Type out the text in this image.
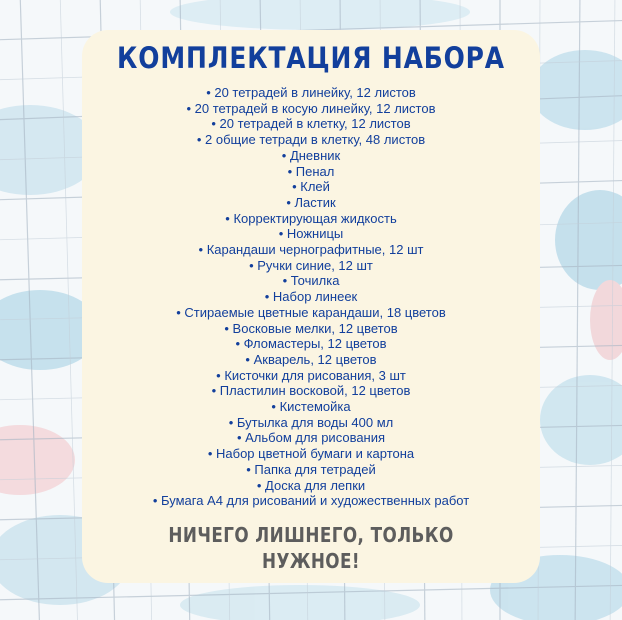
КОМПЛЕКТАЦИЯ НАБОРА
• 20 тетрадей в линейку, 12 листов
• 20 тетрадей в косую линейку, 12 листов
• 20 тетрадей в клетку, 12 листов
• 2 общие тетради в клетку, 48 листов
• Дневник
• Пенал
• Клей
• Ластик
• Корректирующая жидкость
• Ножницы
• Карандаши чернографитные, 12 шт
• Ручки синие, 12 шт
• Точилка
• Набор линеек
• Стираемые цветные карандаши, 18 цветов
• Восковые мелки, 12 цветов
• Фломастеры, 12 цветов
• Акварель, 12 цветов
• Кисточки для рисования, 3 шт
• Пластилин восковой, 12 цветов
• Кистемойка
• Бутылка для воды 400 мл
• Альбом для рисования
• Набор цветной бумаги и картона
• Папка для тетрадей
• Доска для лепки
• Бумага А4 для рисований и художественных работ
НИЧЕГО ЛИШНЕГО, ТОЛЬКО НУЖНОЕ!
